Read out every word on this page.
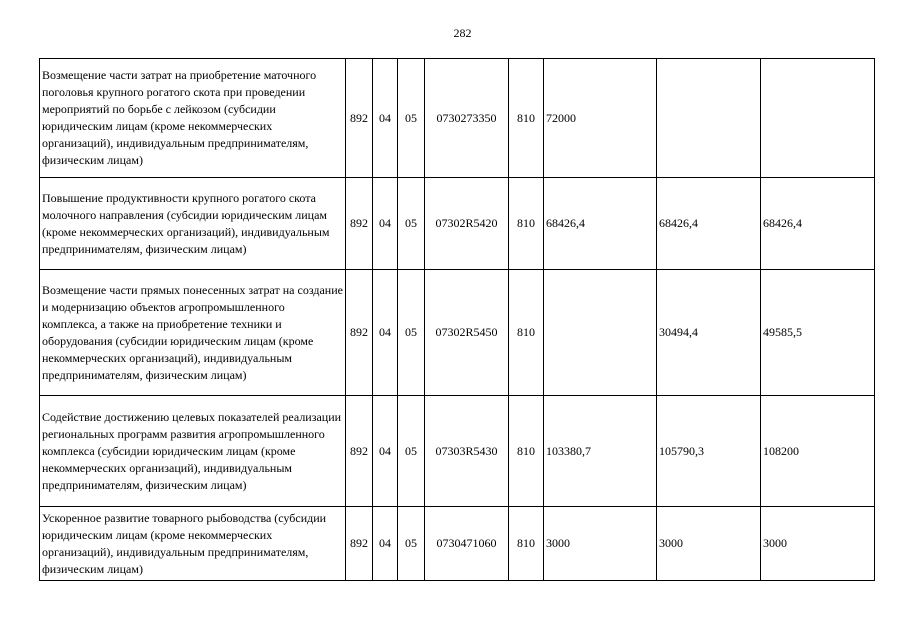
282
Возмещение части затрат на приобретение маточного поголовья крупного рогатого скота при проведении мероприятий по борьбе с лейкозом (субсидии юридическим лицам (кроме некоммерческих организаций), индивидуальным предпринимателям, физическим лицам)	892	04	05	0730273350	810	72000		
Повышение продуктивности крупного рогатого скота молочного направления (субсидии юридическим лицам (кроме некоммерческих организаций), индивидуальным предпринимателям, физическим лицам)	892	04	05	07302R5420	810	68426,4	68426,4	68426,4
Возмещение части прямых понесенных затрат на создание и модернизацию объектов агропромышленного комплекса, а также на приобретение техники и оборудования (субсидии юридическим лицам (кроме некоммерческих организаций), индивидуальным предпринимателям, физическим лицам)	892	04	05	07302R5450	810		30494,4	49585,5
Содействие достижению целевых показателей реализации региональных программ развития агропромышленного комплекса (субсидии юридическим лицам (кроме некоммерческих организаций), индивидуальным предпринимателям, физическим лицам)	892	04	05	07303R5430	810	103380,7	105790,3	108200
Ускоренное развитие товарного рыбоводства (субсидии юридическим лицам (кроме некоммерческих организаций), индивидуальным предпринимателям, физическим лицам)	892	04	05	0730471060	810	3000	3000	3000
